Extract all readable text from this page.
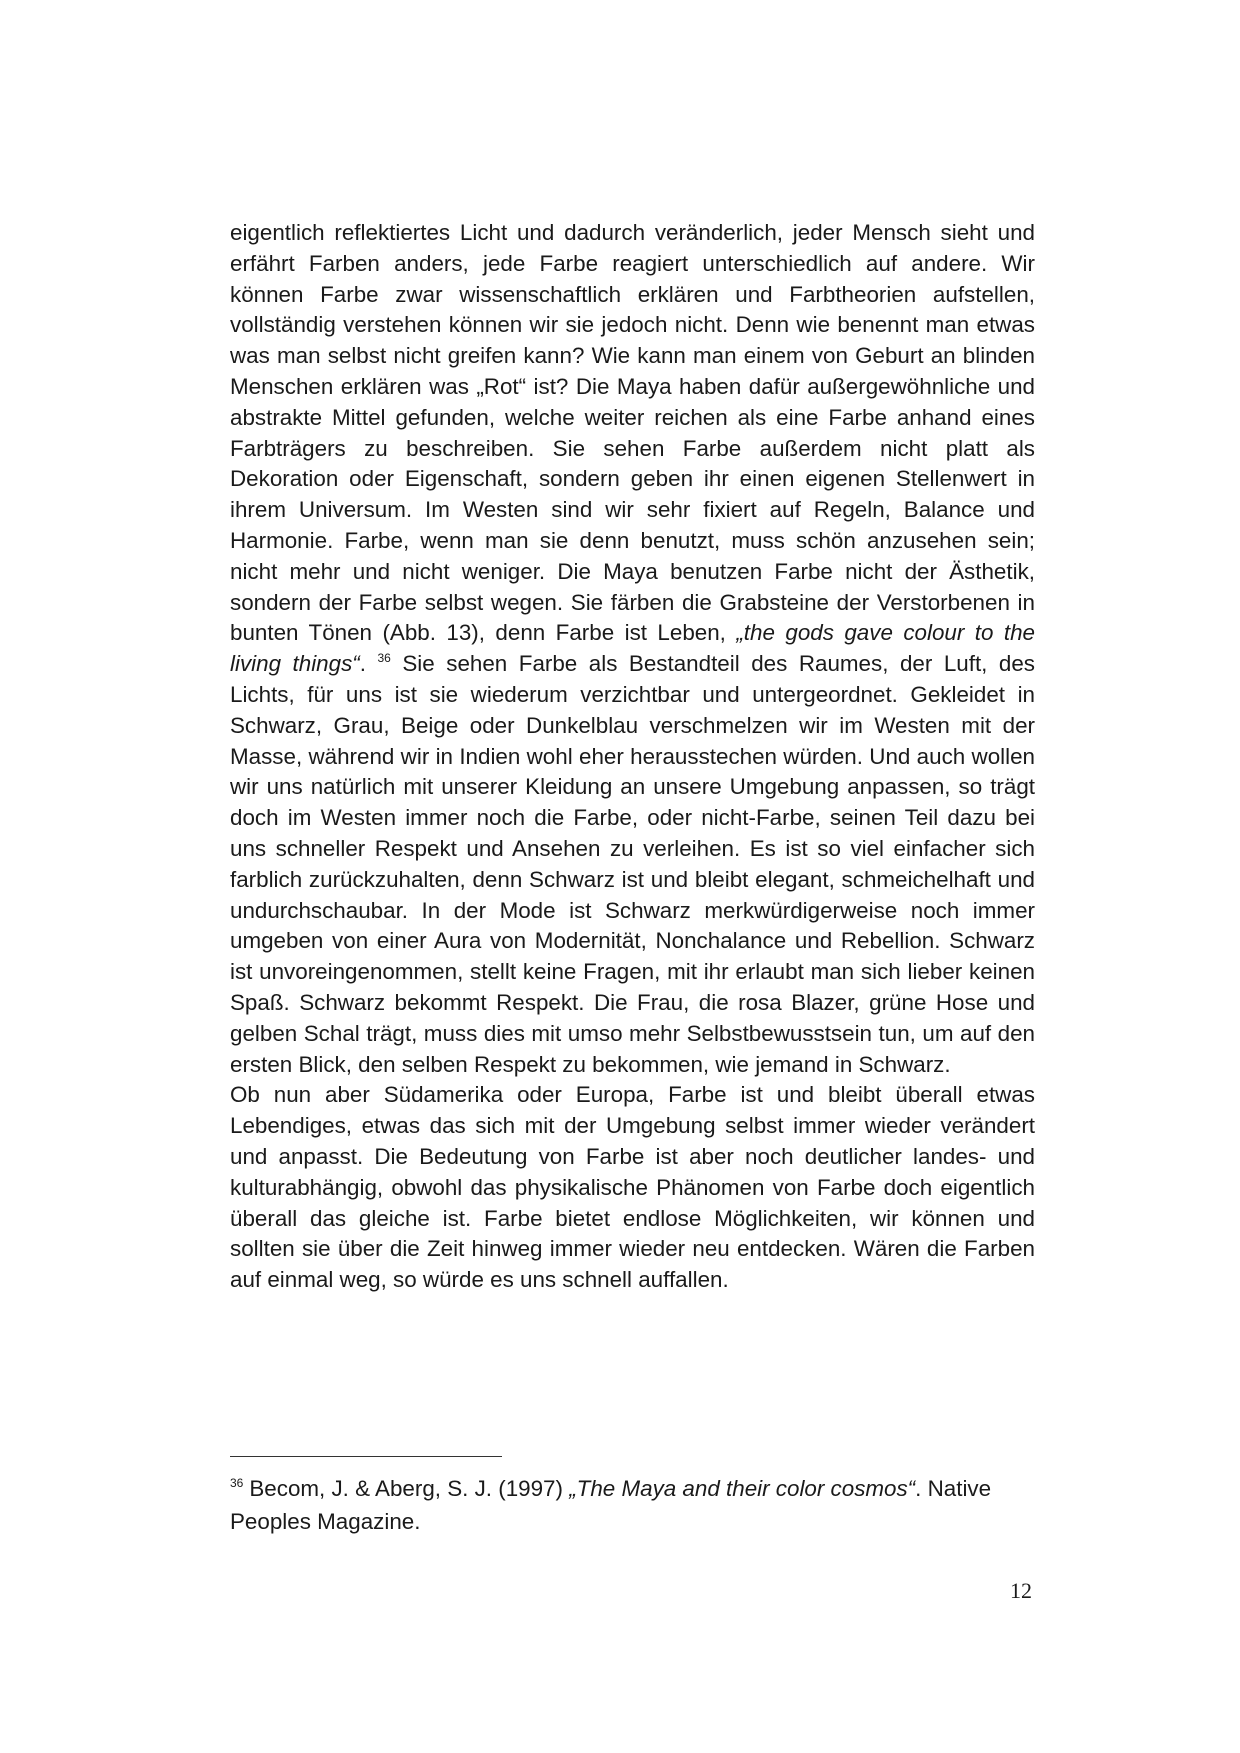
eigentlich reflektiertes Licht und dadurch veränderlich, jeder Mensch sieht und erfährt Farben anders, jede Farbe reagiert unterschiedlich auf andere. Wir können Farbe zwar wissenschaftlich erklären und Farbtheorien aufstellen, vollständig verstehen können wir sie jedoch nicht. Denn wie benennt man etwas was man selbst nicht greifen kann? Wie kann man einem von Geburt an blinden Menschen erklären was „Rot“ ist? Die Maya haben dafür außergewöhnliche und abstrakte Mittel gefunden, welche weiter reichen als eine Farbe anhand eines Farbträgers zu beschreiben. Sie sehen Farbe außerdem nicht platt als Dekoration oder Eigenschaft, sondern geben ihr einen eigenen Stellenwert in ihrem Universum. Im Westen sind wir sehr fixiert auf Regeln, Balance und Harmonie. Farbe, wenn man sie denn benutzt, muss schön anzusehen sein; nicht mehr und nicht weniger. Die Maya benutzen Farbe nicht der Ästhetik, sondern der Farbe selbst wegen. Sie färben die Grabsteine der Verstorbenen in bunten Tönen (Abb. 13), denn Farbe ist Leben, „the gods gave colour to the living things“. $^{36}$ Sie sehen Farbe als Bestandteil des Raumes, der Luft, des Lichts, für uns ist sie wiederum verzichtbar und untergeordnet. Gekleidet in Schwarz, Grau, Beige oder Dunkelblau verschmelzen wir im Westen mit der Masse, während wir in Indien wohl eher herausstechen würden. Und auch wollen wir uns natürlich mit unserer Kleidung an unsere Umgebung anpassen, so trägt doch im Westen immer noch die Farbe, oder nicht-Farbe, seinen Teil dazu bei uns schneller Respekt und Ansehen zu verleihen. Es ist so viel einfacher sich farblich zurückzuhalten, denn Schwarz ist und bleibt elegant, schmeichelhaft und undurchschaubar. In der Mode ist Schwarz merkwürdigerweise noch immer umgeben von einer Aura von Modernität, Nonchalance und Rebellion. Schwarz ist unvoreingenommen, stellt keine Fragen, mit ihr erlaubt man sich lieber keinen Spaß. Schwarz bekommt Respekt. Die Frau, die rosa Blazer, grüne Hose und gelben Schal trägt, muss dies mit umso mehr Selbstbewusstsein tun, um auf den ersten Blick, den selben Respekt zu bekommen, wie jemand in Schwarz.

Ob nun aber Südamerika oder Europa, Farbe ist und bleibt überall etwas Lebendiges, etwas das sich mit der Umgebung selbst immer wieder verändert und anpasst. Die Bedeutung von Farbe ist aber noch deutlicher landes- und kulturabhängig, obwohl das physikalische Phänomen von Farbe doch eigentlich überall das gleiche ist. Farbe bietet endlose Möglichkeiten, wir können und sollten sie über die Zeit hinweg immer wieder neu entdecken. Wären die Farben auf einmal weg, so würde es uns schnell auffallen.

$^{36}$ Becom, J. & Aberg, S. J. (1997) „The Maya and their color cosmos“. Native Peoples Magazine.
12
